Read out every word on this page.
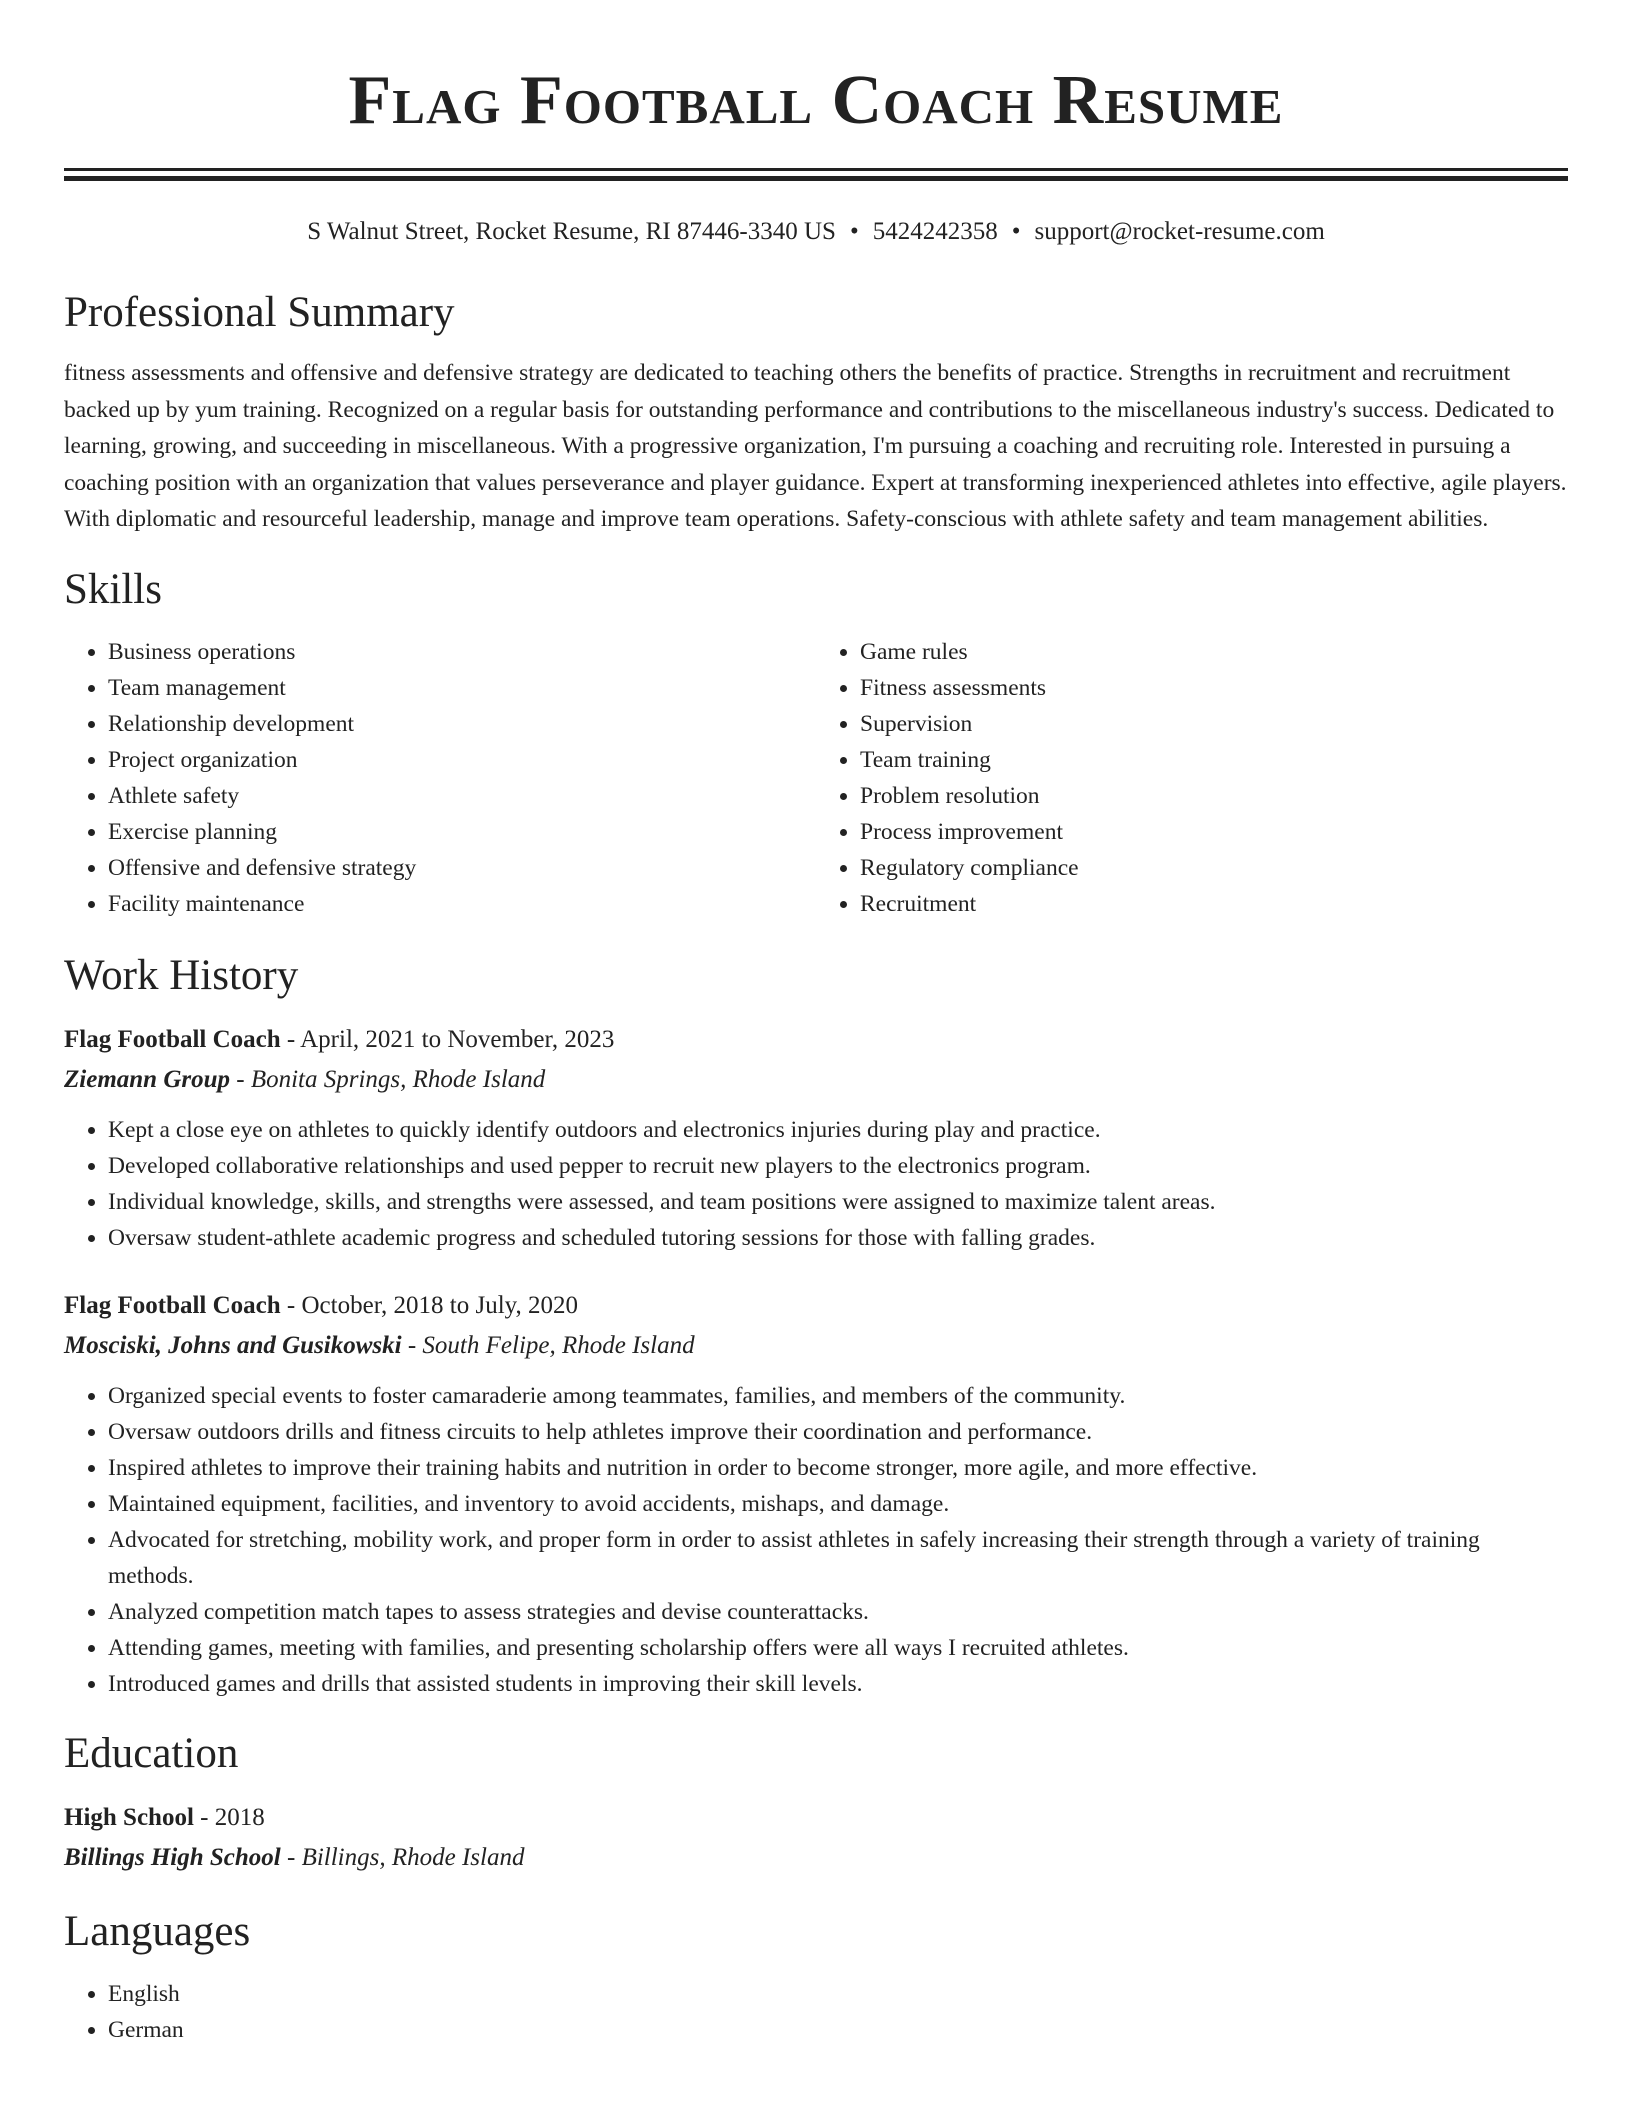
Flag Football Coach Resume
S Walnut Street, Rocket Resume, RI 87446-3340 US • 5424242358 • support@rocket-resume.com
Professional Summary
fitness assessments and offensive and defensive strategy are dedicated to teaching others the benefits of practice. Strengths in recruitment and recruitment backed up by yum training. Recognized on a regular basis for outstanding performance and contributions to the miscellaneous industry's success. Dedicated to learning, growing, and succeeding in miscellaneous. With a progressive organization, I'm pursuing a coaching and recruiting role. Interested in pursuing a coaching position with an organization that values perseverance and player guidance. Expert at transforming inexperienced athletes into effective, agile players. With diplomatic and resourceful leadership, manage and improve team operations. Safety-conscious with athlete safety and team management abilities.
Skills
• Business operations
• Team management
• Relationship development
• Project organization
• Athlete safety
• Exercise planning
• Offensive and defensive strategy
• Facility maintenance
• Game rules
• Fitness assessments
• Supervision
• Team training
• Problem resolution
• Process improvement
• Regulatory compliance
• Recruitment
Work History
Flag Football Coach - April, 2021 to November, 2023
Ziemann Group - Bonita Springs, Rhode Island
• Kept a close eye on athletes to quickly identify outdoors and electronics injuries during play and practice.
• Developed collaborative relationships and used pepper to recruit new players to the electronics program.
• Individual knowledge, skills, and strengths were assessed, and team positions were assigned to maximize talent areas.
• Oversaw student-athlete academic progress and scheduled tutoring sessions for those with falling grades.
Flag Football Coach - October, 2018 to July, 2020
Mosciski, Johns and Gusikowski - South Felipe, Rhode Island
• Organized special events to foster camaraderie among teammates, families, and members of the community.
• Oversaw outdoors drills and fitness circuits to help athletes improve their coordination and performance.
• Inspired athletes to improve their training habits and nutrition in order to become stronger, more agile, and more effective.
• Maintained equipment, facilities, and inventory to avoid accidents, mishaps, and damage.
• Advocated for stretching, mobility work, and proper form in order to assist athletes in safely increasing their strength through a variety of training methods.
• Analyzed competition match tapes to assess strategies and devise counterattacks.
• Attending games, meeting with families, and presenting scholarship offers were all ways I recruited athletes.
• Introduced games and drills that assisted students in improving their skill levels.
Education
High School - 2018
Billings High School - Billings, Rhode Island
Languages
• English
• German
